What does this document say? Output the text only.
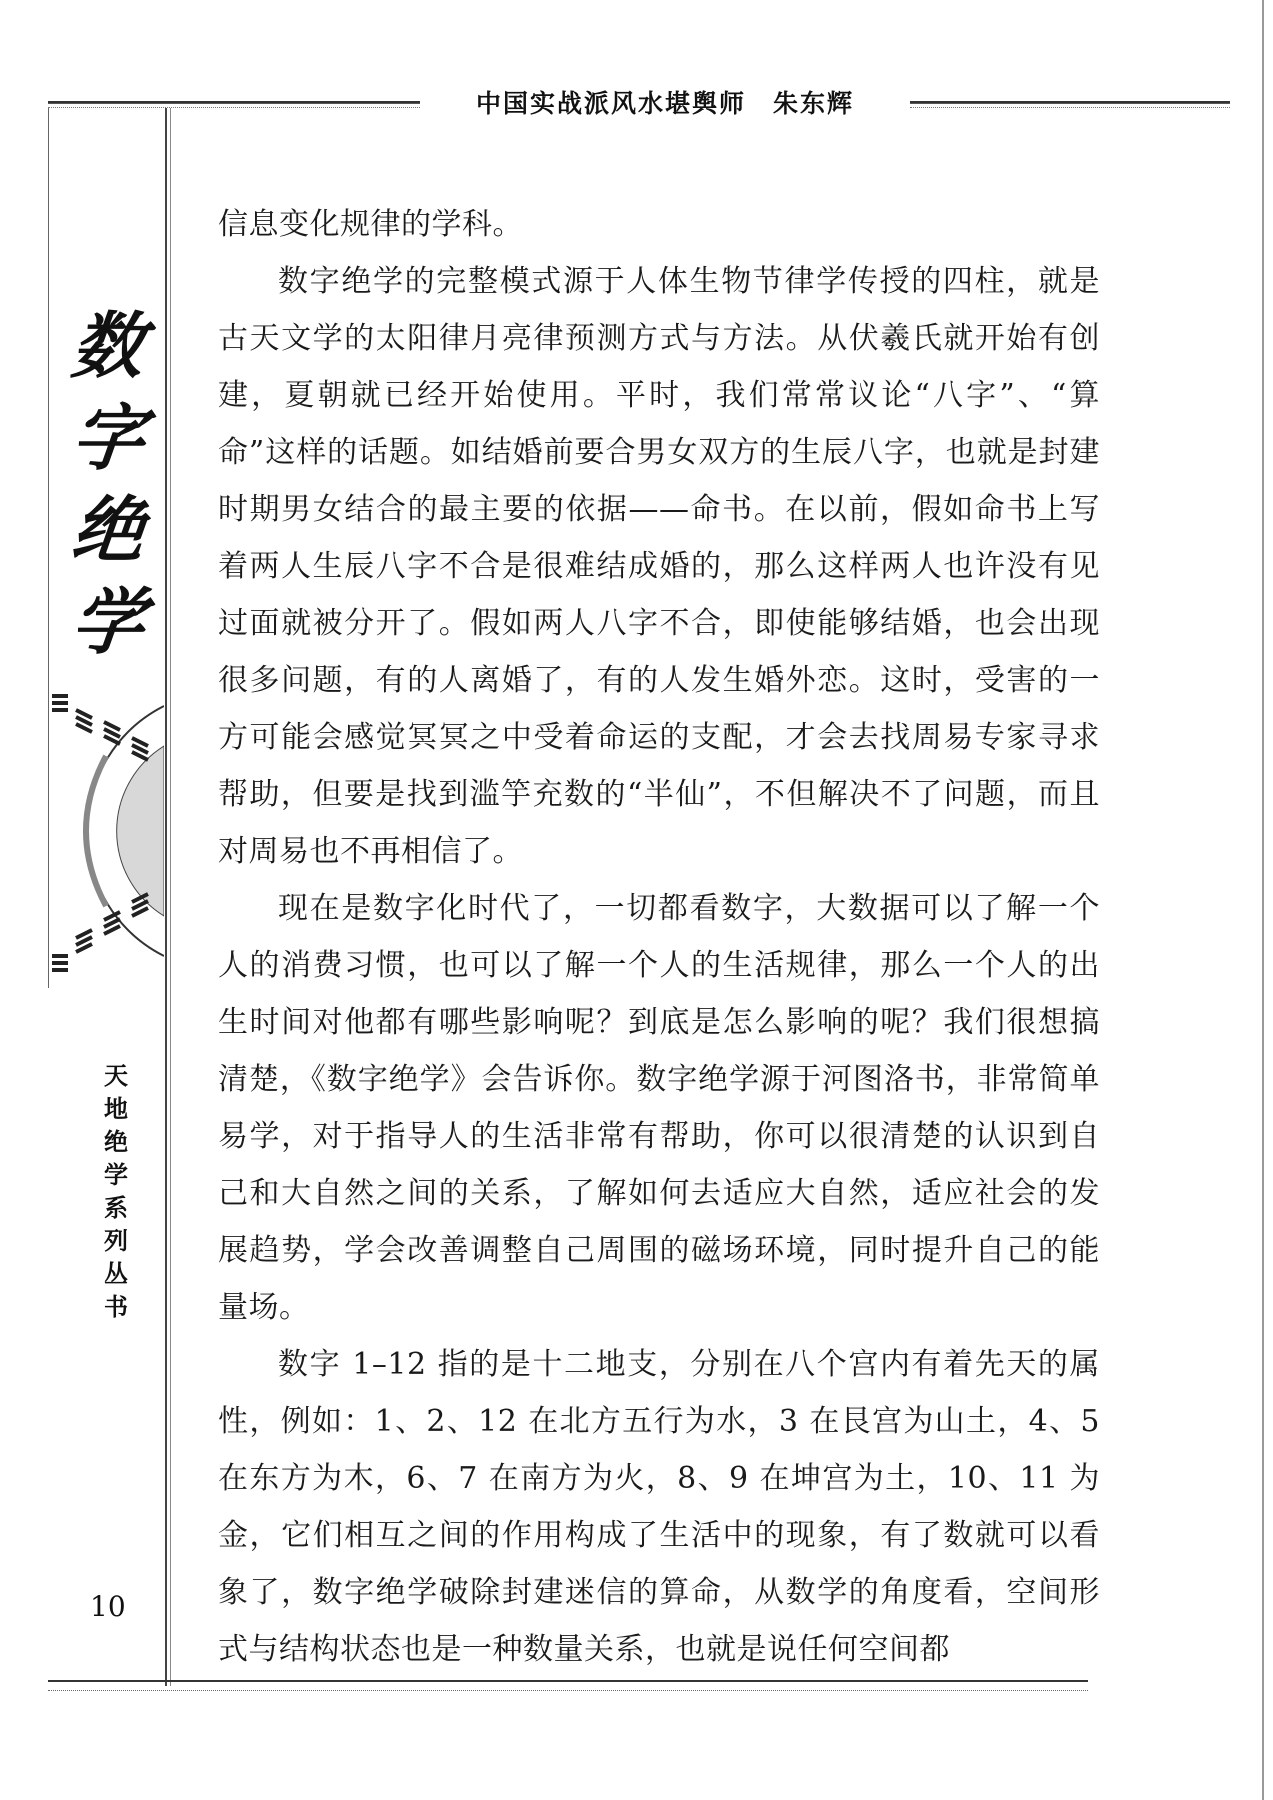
中国实战派风水堪舆师　朱东辉
数
字
绝
学
天
地
绝
学
系
列
丛
书
10

信息变化规律的学科。

数字绝学的完整模式源于人体生物节律学传授的四柱，就是古天文学的太阳律月亮律预测方式与方法。从伏羲氏就开始有创建，夏朝就已经开始使用。平时，我们常常议论“八字”、“算命”这样的话题。如结婚前要合男女双方的生辰八字，也就是封建时期男女结合的最主要的依据——命书。在以前，假如命书上写着两人生辰八字不合是很难结成婚的，那么这样两人也许没有见过面就被分开了。假如两人八字不合，即使能够结婚，也会出现很多问题，有的人离婚了，有的人发生婚外恋。这时，受害的一方可能会感觉冥冥之中受着命运的支配，才会去找周易专家寻求帮助，但要是找到滥竽充数的“半仙”，不但解决不了问题，而且对周易也不再相信了。

现在是数字化时代了，一切都看数字，大数据可以了解一个人的消费习惯，也可以了解一个人的生活规律，那么一个人的出生时间对他都有哪些影响呢？到底是怎么影响的呢？我们很想搞清楚，《数字绝学》会告诉你。数字绝学源于河图洛书，非常简单易学，对于指导人的生活非常有帮助，你可以很清楚的认识到自己和大自然之间的关系，了解如何去适应大自然，适应社会的发展趋势，学会改善调整自己周围的磁场环境，同时提升自己的能量场。

数字 1–12 指的是十二地支，分别在八个宫内有着先天的属性，例如：1、2、12 在北方五行为水，3 在艮宫为山土，4、5 在东方为木，6、7 在南方为火，8、9 在坤宫为土，10、11 为金，它们相互之间的作用构成了生活中的现象，有了数就可以看象了，数字绝学破除封建迷信的算命，从数学的角度看，空间形式与结构状态也是一种数量关系，也就是说任何空间都
